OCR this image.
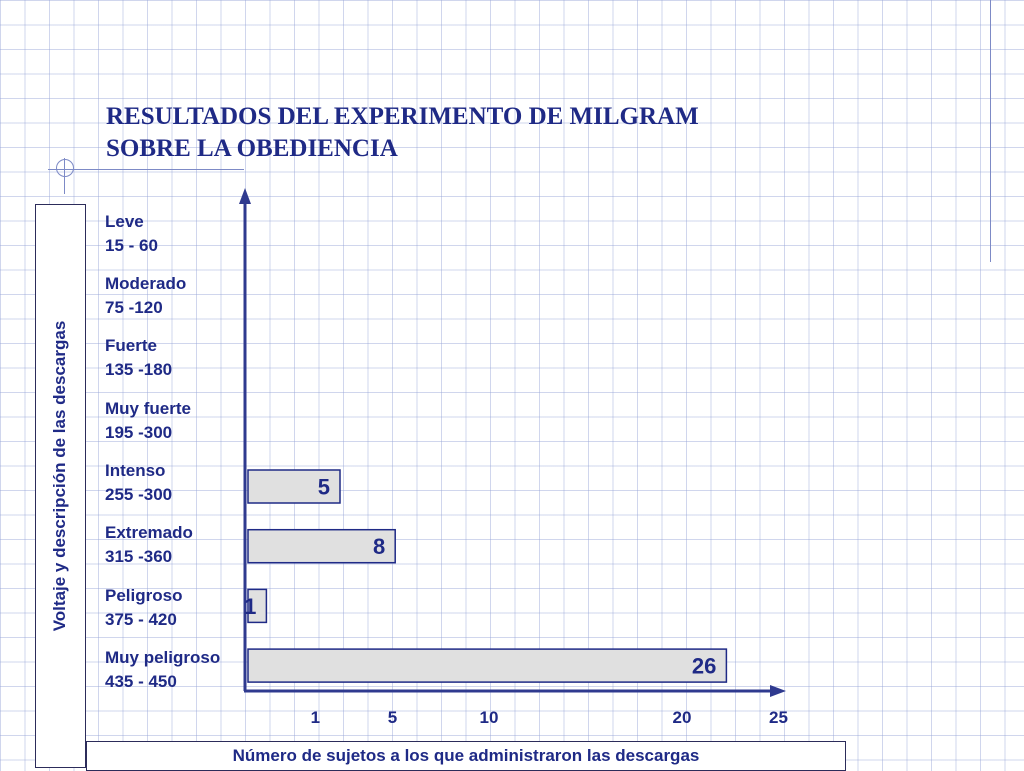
RESULTADOS DEL EXPERIMENTO DE MILGRAM
SOBRE LA OBEDIENCIA
Voltaje y descripción de las descargas
Número de sujetos a los que administraron las descargas
Leve
15 - 60
Moderado
75 -120
Fuerte
135 -180
Muy fuerte
195 -300
Intenso
255 -300
Extremado
315 -360
Peligroso
375 - 420
Muy peligroso
435 - 450
5
8
1
26
1	5	10	20	25
